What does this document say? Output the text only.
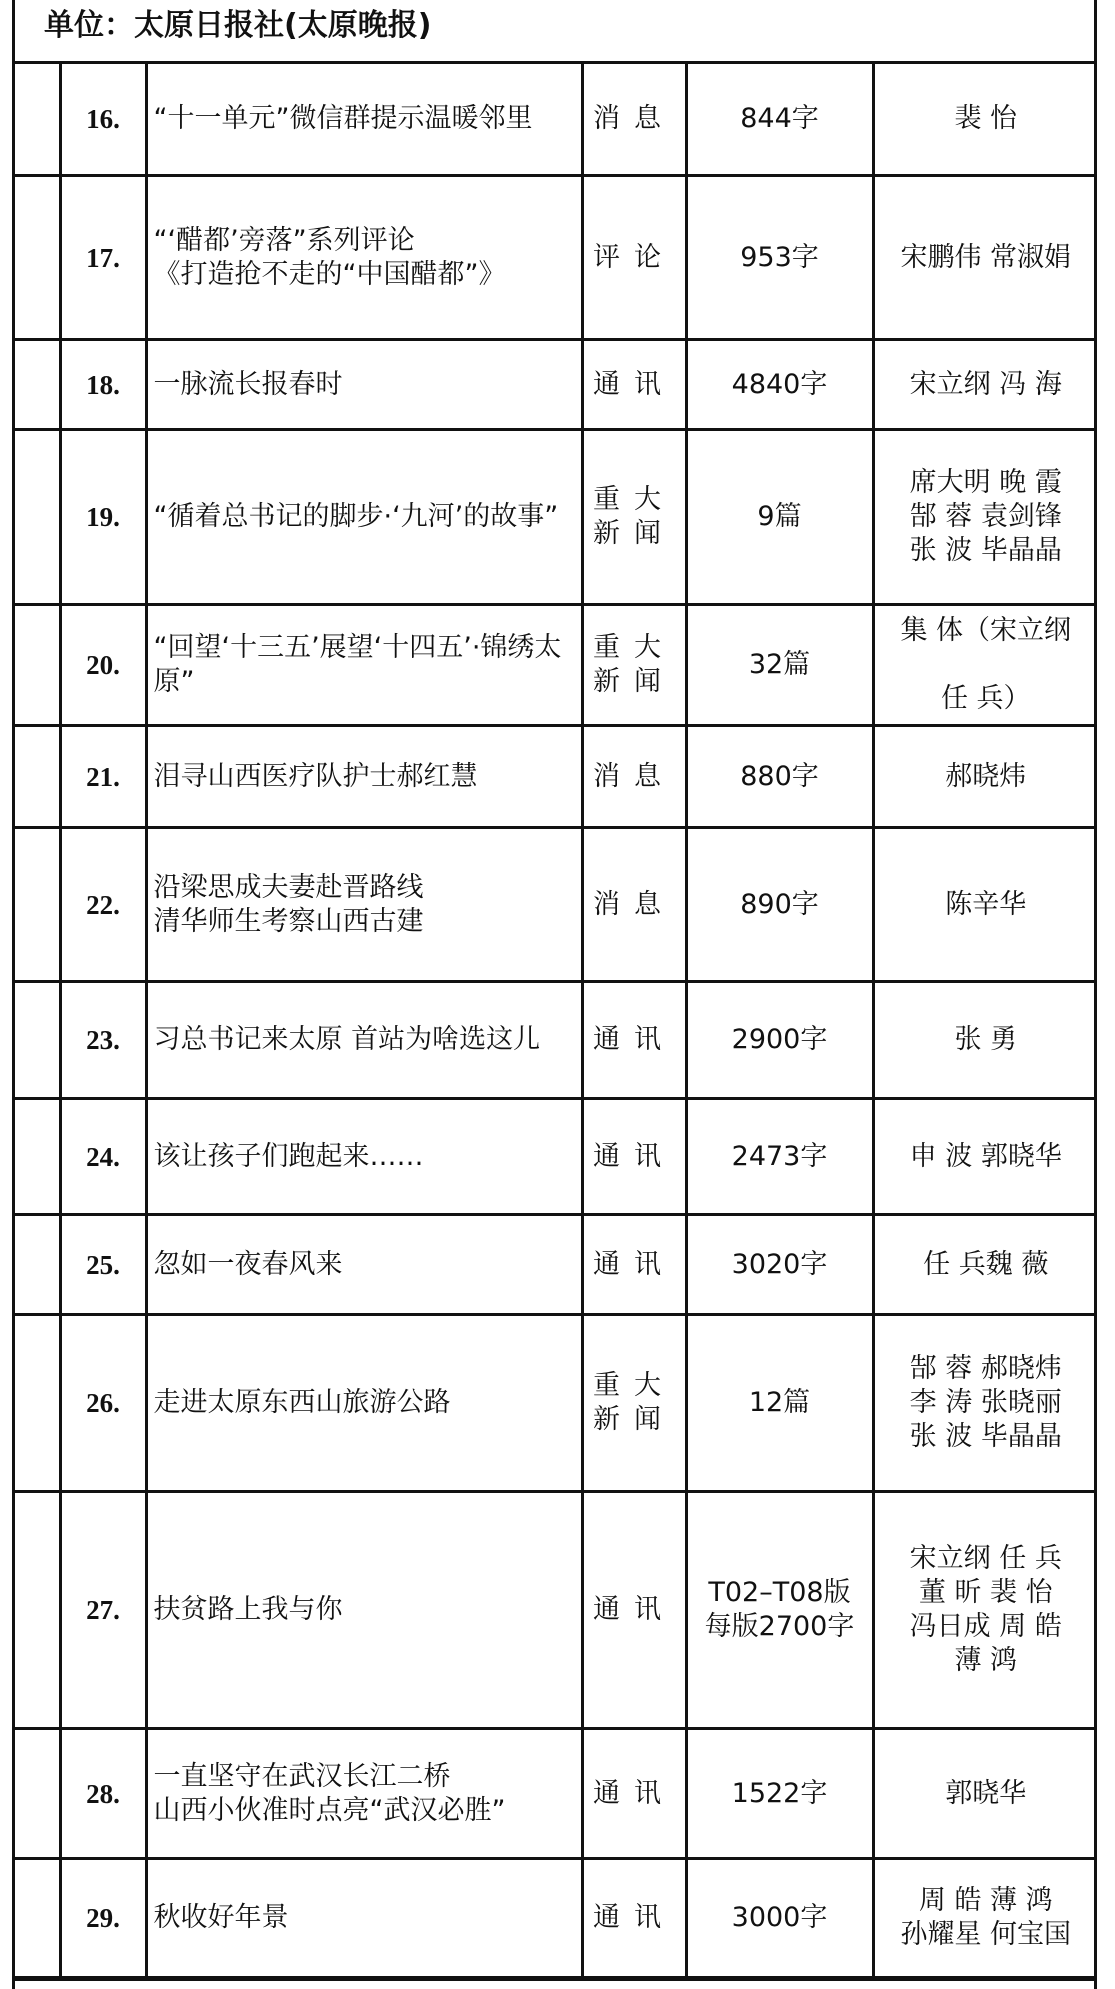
单位：太原日报社(太原晚报)
	16.	“十一单元”微信群提示温暖邻里	消息	844字	裴 怡
	17.	“‘醋都’旁落”系列评论
《打造抢不走的“中国醋都”》	评论	953字	宋鹏伟 常淑娟
	18.	一脉流长报春时	通讯	4840字	宋立纲 冯 海
	19.	“循着总书记的脚步·‘九河’的故事”	重大
新闻	9篇	席大明 晚 霞
郜 蓉 袁剑锋
张 波 毕晶晶
	20.	“回望‘十三五’展望‘十四五’·锦绣太原”	重大
新闻	32篇	集 体（宋立纲

任 兵）
	21.	泪寻山西医疗队护士郝红慧	消息	880字	郝晓炜
	22.	沿梁思成夫妻赴晋路线
清华师生考察山西古建	消息	890字	陈辛华
	23.	习总书记来太原 首站为啥选这儿	通讯	2900字	张 勇
	24.	该让孩子们跑起来……	通讯	2473字	申 波 郭晓华
	25.	忽如一夜春风来	通讯	3020字	任 兵魏 薇
	26.	走进太原东西山旅游公路	重大
新闻	12篇	郜 蓉 郝晓炜
李 涛 张晓丽
张 波 毕晶晶
	27.	扶贫路上我与你	通讯	T02–T08版
每版2700字	宋立纲 任 兵
董 昕 裴 怡
冯日成 周 皓
薄 鸿
	28.	一直坚守在武汉长江二桥
山西小伙准时点亮“武汉必胜”	通讯	1522字	郭晓华
	29.	秋收好年景	通讯	3000字	周 皓 薄 鸿
孙耀星 何宝国
